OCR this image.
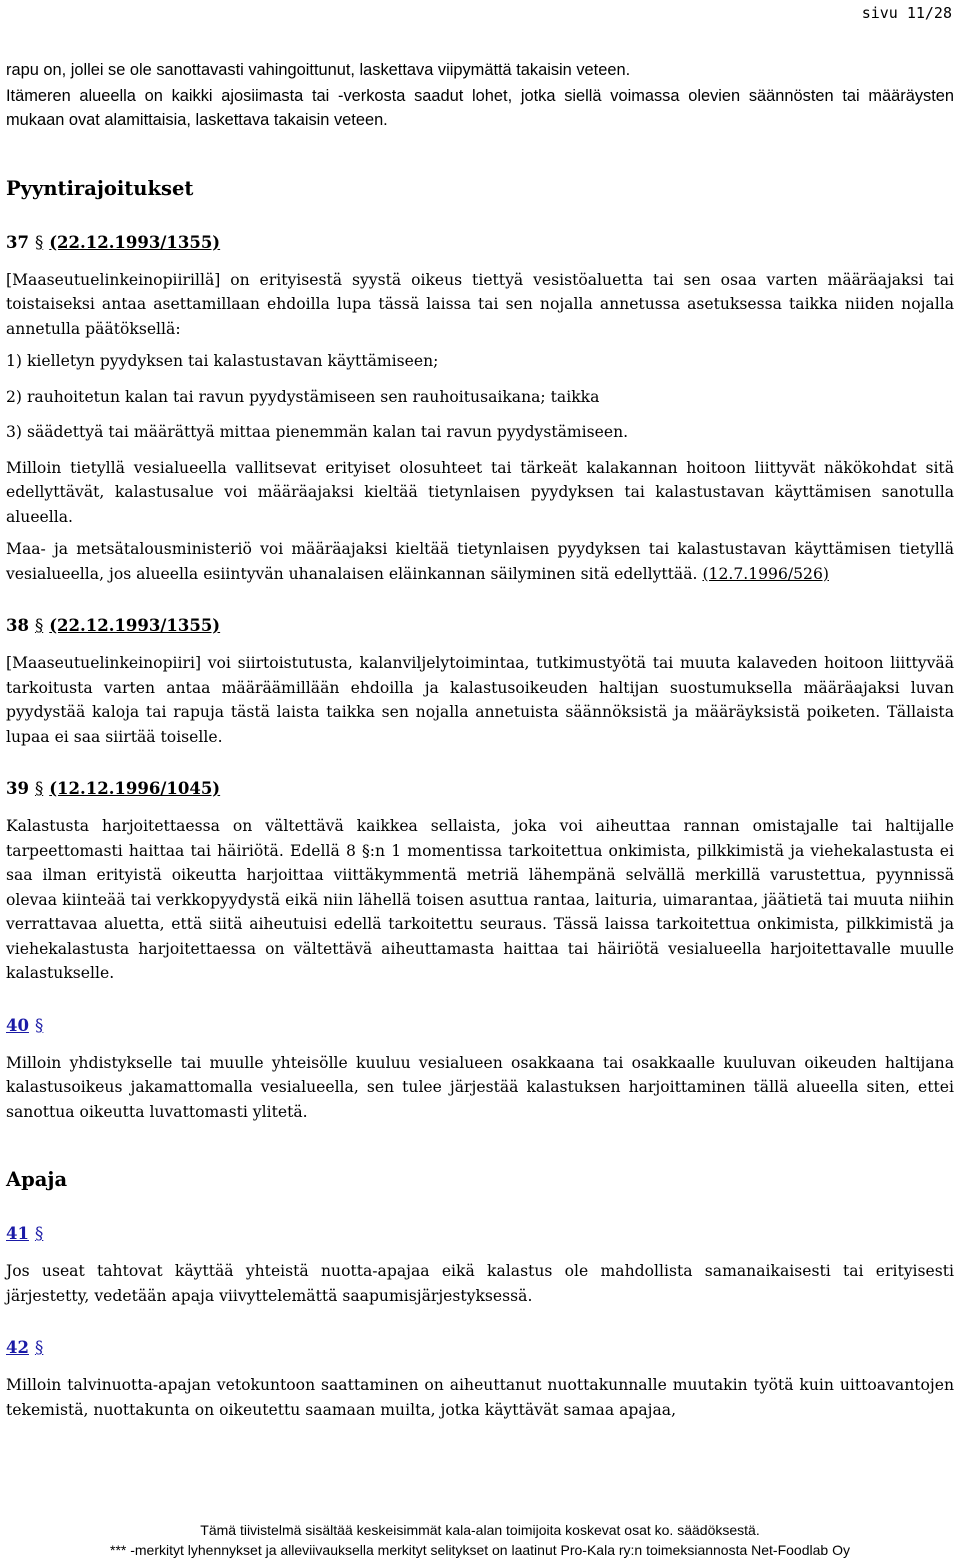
sivu 11/28

rapu on, jollei se ole sanottavasti vahingoittunut, laskettava viipymättä takaisin veteen.

Itämeren alueella on kaikki ajosiimasta tai -verkosta saadut lohet, jotka siellä voimassa olevien säännösten tai määräysten mukaan ovat alamittaisia, laskettava takaisin veteen.

Pyyntirajoitukset
37 § (22.12.1993/1355)

[Maaseutuelinkeinopiirillä] on erityisestä syystä oikeus tiettyä vesistöaluetta tai sen osaa varten määräajaksi tai toistaiseksi antaa asettamillaan ehdoilla lupa tässä laissa tai sen nojalla annetussa asetuksessa taikka niiden nojalla annetulla päätöksellä:

1) kielletyn pyydyksen tai kalastustavan käyttämiseen;

2) rauhoitetun kalan tai ravun pyydystämiseen sen rauhoitusaikana; taikka

3) säädettyä tai määrättyä mittaa pienemmän kalan tai ravun pyydystämiseen.

Milloin tietyllä vesialueella vallitsevat erityiset olosuhteet tai tärkeät kalakannan hoitoon liittyvät näkökohdat sitä edellyttävät, kalastusalue voi määräajaksi kieltää tietynlaisen pyydyksen tai kalastustavan käyttämisen sanotulla alueella.

Maa- ja metsätalousministeriö voi määräajaksi kieltää tietynlaisen pyydyksen tai kalastustavan käyttämisen tietyllä vesialueella, jos alueella esiintyvän uhanalaisen eläinkannan säilyminen sitä edellyttää. (12.7.1996/526)

38 § (22.12.1993/1355)

[Maaseutuelinkeinopiiri] voi siirtoistutusta, kalanviljelytoimintaa, tutkimustyötä tai muuta kalaveden hoitoon liittyvää tarkoitusta varten antaa määräämillään ehdoilla ja kalastusoikeuden haltijan suostumuksella määräajaksi luvan pyydystää kaloja tai rapuja tästä laista taikka sen nojalla annetuista säännöksistä ja määräyksistä poiketen. Tällaista lupaa ei saa siirtää toiselle.

39 § (12.12.1996/1045)

Kalastusta harjoitettaessa on vältettävä kaikkea sellaista, joka voi aiheuttaa rannan omistajalle tai haltijalle tarpeettomasti haittaa tai häiriötä. Edellä 8 §:n 1 momentissa tarkoitettua onkimista, pilkkimistä ja viehekalastusta ei saa ilman erityistä oikeutta harjoittaa viittäkymmentä metriä lähempänä selvällä merkillä varustettua, pyynnissä olevaa kiinteää tai verkkopyydystä eikä niin lähellä toisen asuttua rantaa, laituria, uimarantaa, jäätietä tai muuta niihin verrattavaa aluetta, että siitä aiheutuisi edellä tarkoitettu seuraus. Tässä laissa tarkoitettua onkimista, pilkkimistä ja viehekalastusta harjoitettaessa on vältettävä aiheuttamasta haittaa tai häiriötä vesialueella harjoitettavalle muulle kalastukselle.

40 §

Milloin yhdistykselle tai muulle yhteisölle kuuluu vesialueen osakkaana tai osakkaalle kuuluvan oikeuden haltijana kalastusoikeus jakamattomalla vesialueella, sen tulee järjestää kalastuksen harjoittaminen tällä alueella siten, ettei sanottua oikeutta luvattomasti ylitetä.

Apaja
41 §

Jos useat tahtovat käyttää yhteistä nuotta-apajaa eikä kalastus ole mahdollista samanaikaisesti tai erityisesti järjestetty, vedetään apaja viivyttelemättä saapumisjärjestyksessä.

42 §

Milloin talvinuotta-apajan vetokuntoon saattaminen on aiheuttanut nuottakunnalle muutakin työtä kuin uittoavantojen tekemistä, nuottakunta on oikeutettu saamaan muilta, jotka käyttävät samaa apajaa,

Tämä tiivistelmä sisältää keskeisimmät kala-alan toimijoita koskevat osat ko. säädöksestä.
*** -merkityt lyhennykset ja alleviivauksella merkityt selitykset on laatinut Pro-Kala ry:n toimeksiannosta Net-Foodlab Oy
